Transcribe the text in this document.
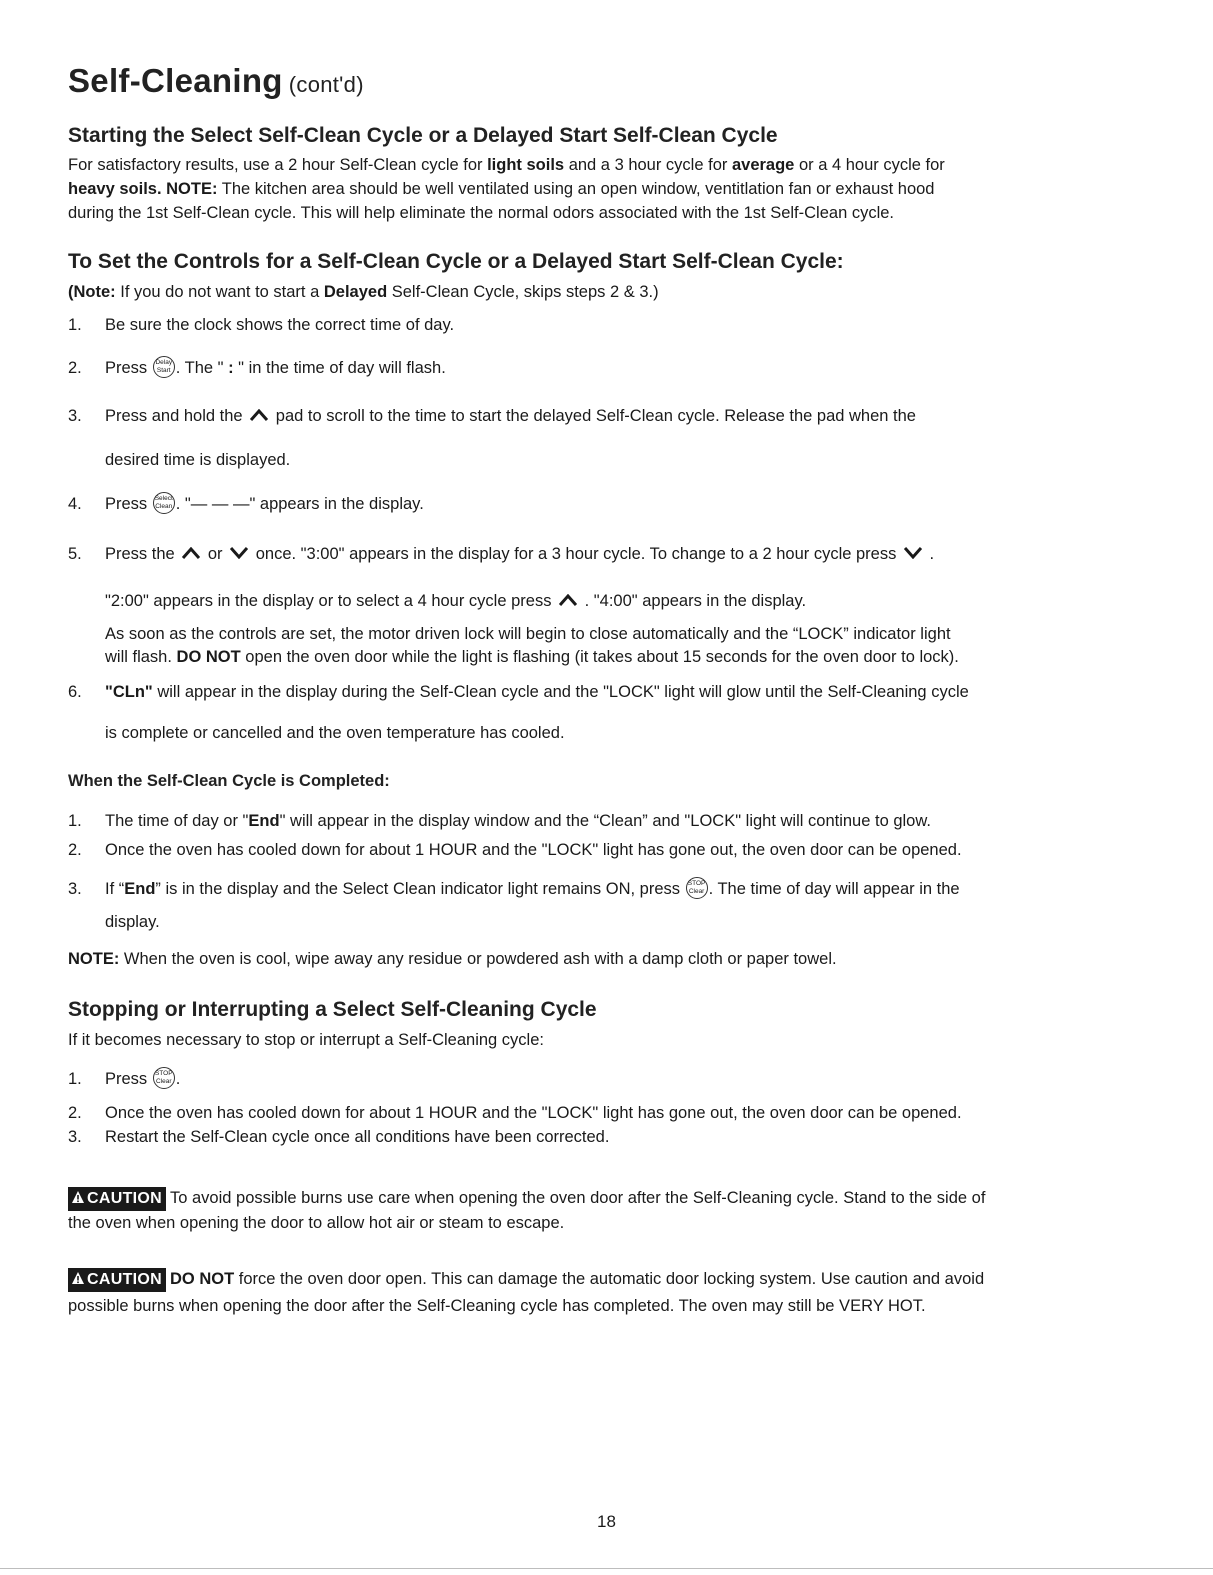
Self-Cleaning (cont'd)
Starting the Select Self-Clean Cycle or a Delayed Start Self-Clean Cycle
For satisfactory results, use a 2 hour Self-Clean cycle for light soils and a 3 hour cycle for average or a 4 hour cycle for
heavy soils. NOTE: The kitchen area should be well ventilated using an open window, ventitlation fan or exhaust hood
during the 1st Self-Clean cycle. This will help eliminate the normal odors associated with the 1st Self-Clean cycle.
To Set the Controls for a Self-Clean Cycle or a Delayed Start Self-Clean Cycle:
(Note: If you do not want to start a Delayed Self-Clean Cycle, skips steps 2 & 3.)
1. Be sure the clock shows the correct time of day.
2. Press Delay
Start . The " : " in the time of day will flash.
3. Press and hold the  pad to scroll to the time to start the delayed Self-Clean cycle. Release the pad when the
desired time is displayed.
4. Press Select
Clean . "— — —" appears in the display.
5. Press the  or  once. "3:00" appears in the display for a 3 hour cycle. To change to a 2 hour cycle press  .
"2:00" appears in the display or to select a 4 hour cycle press  . "4:00" appears in the display.
As soon as the controls are set, the motor driven lock will begin to close automatically and the “LOCK” indicator light
will flash. DO NOT open the oven door while the light is flashing (it takes about 15 seconds for the oven door to lock).
6. "CLn" will appear in the display during the Self-Clean cycle and the "LOCK" light will glow until the Self-Cleaning cycle
is complete or cancelled and the oven temperature has cooled.
When the Self-Clean Cycle is Completed:
1. The time of day or "End" will appear in the display window and the “Clean” and "LOCK" light will continue to glow.
2. Once the oven has cooled down for about 1 HOUR and the "LOCK" light has gone out, the oven door can be opened.
3. If “End” is in the display and the Select Clean indicator light remains ON, press STOP
Clear . The time of day will appear in the
display.
NOTE: When the oven is cool, wipe away any residue or powdered ash with a damp cloth or paper towel.
Stopping or Interrupting a Select Self-Cleaning Cycle
If it becomes necessary to stop or interrupt a Self-Cleaning cycle:
1. Press STOP
Clear .
2. Once the oven has cooled down for about 1 HOUR and the "LOCK" light has gone out, the oven door can be opened.
3. Restart the Self-Clean cycle once all conditions have been corrected.
CAUTION To avoid possible burns use care when opening the oven door after the Self-Cleaning cycle. Stand to the side of
the oven when opening the door to allow hot air or steam to escape.
CAUTION DO NOT force the oven door open. This can damage the automatic door locking system. Use caution and avoid
possible burns when opening the door after the Self-Cleaning cycle has completed. The oven may still be VERY HOT.
18
